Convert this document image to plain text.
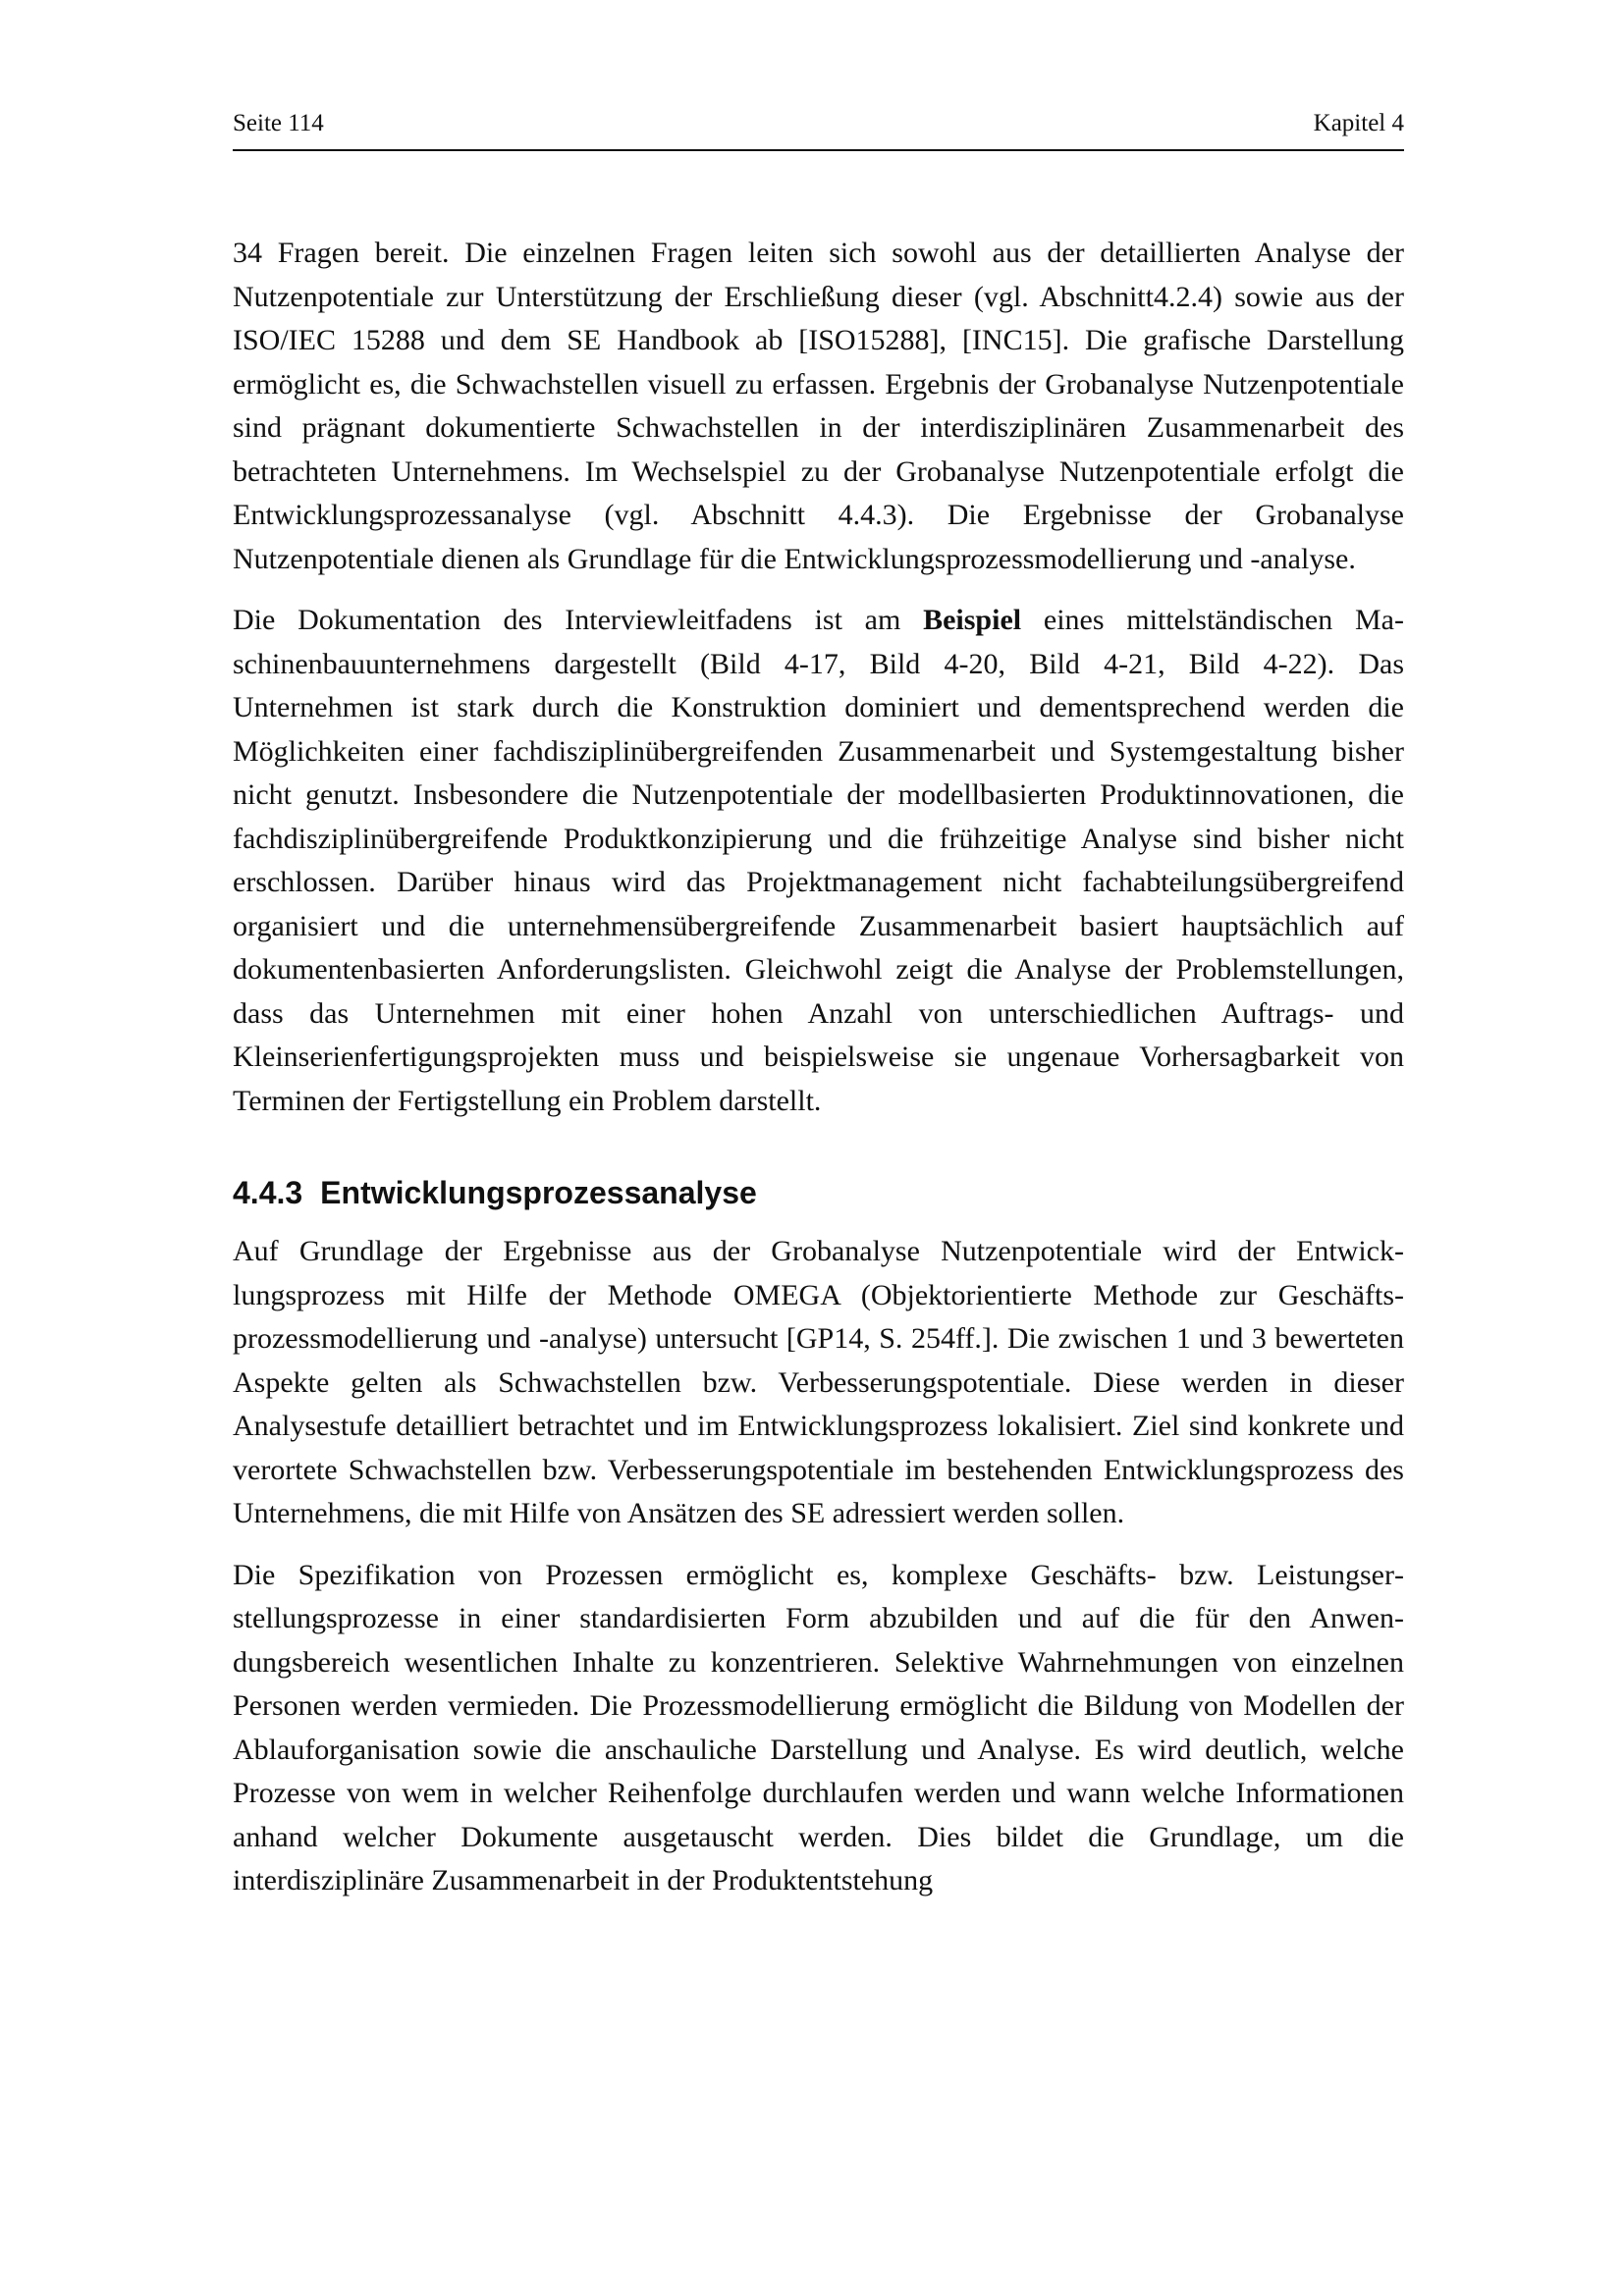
Seite 114	Kapitel 4

34 Fragen bereit. Die einzelnen Fragen leiten sich sowohl aus der detaillierten Analyse der Nutzenpotentiale zur Unterstützung der Erschließung dieser (vgl. Abschnitt4.2.4) sowie aus der ISO/IEC 15288 und dem SE Handbook ab [ISO15288], [INC15]. Die grafische Darstellung ermöglicht es, die Schwachstellen visuell zu erfassen. Ergebnis der Grobanalyse Nutzenpotentiale sind prägnant dokumentierte Schwachstellen in der interdisziplinären Zusammenarbeit des betrachteten Unternehmens. Im Wechselspiel zu der Grobanalyse Nutzenpotentiale erfolgt die Entwicklungsprozessanalyse (vgl. Abschnitt 4.4.3). Die Ergebnisse der Grobanalyse Nutzenpotentiale dienen als Grundlage für die Entwicklungsprozessmodellierung und -analyse.

Die Dokumentation des Interviewleitfadens ist am Beispiel eines mittelständischen Maschinenbauunternehmens dargestellt (Bild 4-17, Bild 4-20, Bild 4-21, Bild 4-22). Das Unternehmen ist stark durch die Konstruktion dominiert und dementsprechend werden die Möglichkeiten einer fachdisziplinübergreifenden Zusammenarbeit und Systemgestaltung bisher nicht genutzt. Insbesondere die Nutzenpotentiale der modellbasierten Produktinnovationen, die fachdisziplinübergreifende Produktkonzipierung und die frühzeitige Analyse sind bisher nicht erschlossen. Darüber hinaus wird das Projektmanagement nicht fachabteilungsübergreifend organisiert und die unternehmensübergreifende Zusammenarbeit basiert hauptsächlich auf dokumentenbasierten Anforderungslisten. Gleichwohl zeigt die Analyse der Problemstellungen, dass das Unternehmen mit einer hohen Anzahl von unterschiedlichen Auftrags- und Kleinserienfertigungsprojekten muss und beispielsweise sie ungenaue Vorhersagbarkeit von Terminen der Fertigstellung ein Problem darstellt.

4.4.3 Entwicklungsprozessanalyse

Auf Grundlage der Ergebnisse aus der Grobanalyse Nutzenpotentiale wird der Entwicklungsprozess mit Hilfe der Methode OMEGA (Objektorientierte Methode zur Geschäftsprozessmodellierung und -analyse) untersucht [GP14, S. 254ff.]. Die zwischen 1 und 3 bewerteten Aspekte gelten als Schwachstellen bzw. Verbesserungspotentiale. Diese werden in dieser Analysestufe detailliert betrachtet und im Entwicklungsprozess lokalisiert. Ziel sind konkrete und verortete Schwachstellen bzw. Verbesserungspotentiale im bestehenden Entwicklungsprozess des Unternehmens, die mit Hilfe von Ansätzen des SE adressiert werden sollen.

Die Spezifikation von Prozessen ermöglicht es, komplexe Geschäfts- bzw. Leistungserstellungsprozesse in einer standardisierten Form abzubilden und auf die für den Anwendungsbereich wesentlichen Inhalte zu konzentrieren. Selektive Wahrnehmungen von einzelnen Personen werden vermieden. Die Prozessmodellierung ermöglicht die Bildung von Modellen der Ablauforganisation sowie die anschauliche Darstellung und Analyse. Es wird deutlich, welche Prozesse von wem in welcher Reihenfolge durchlaufen werden und wann welche Informationen anhand welcher Dokumente ausgetauscht werden. Dies bildet die Grundlage, um die interdisziplinäre Zusammenarbeit in der Produktentstehung
